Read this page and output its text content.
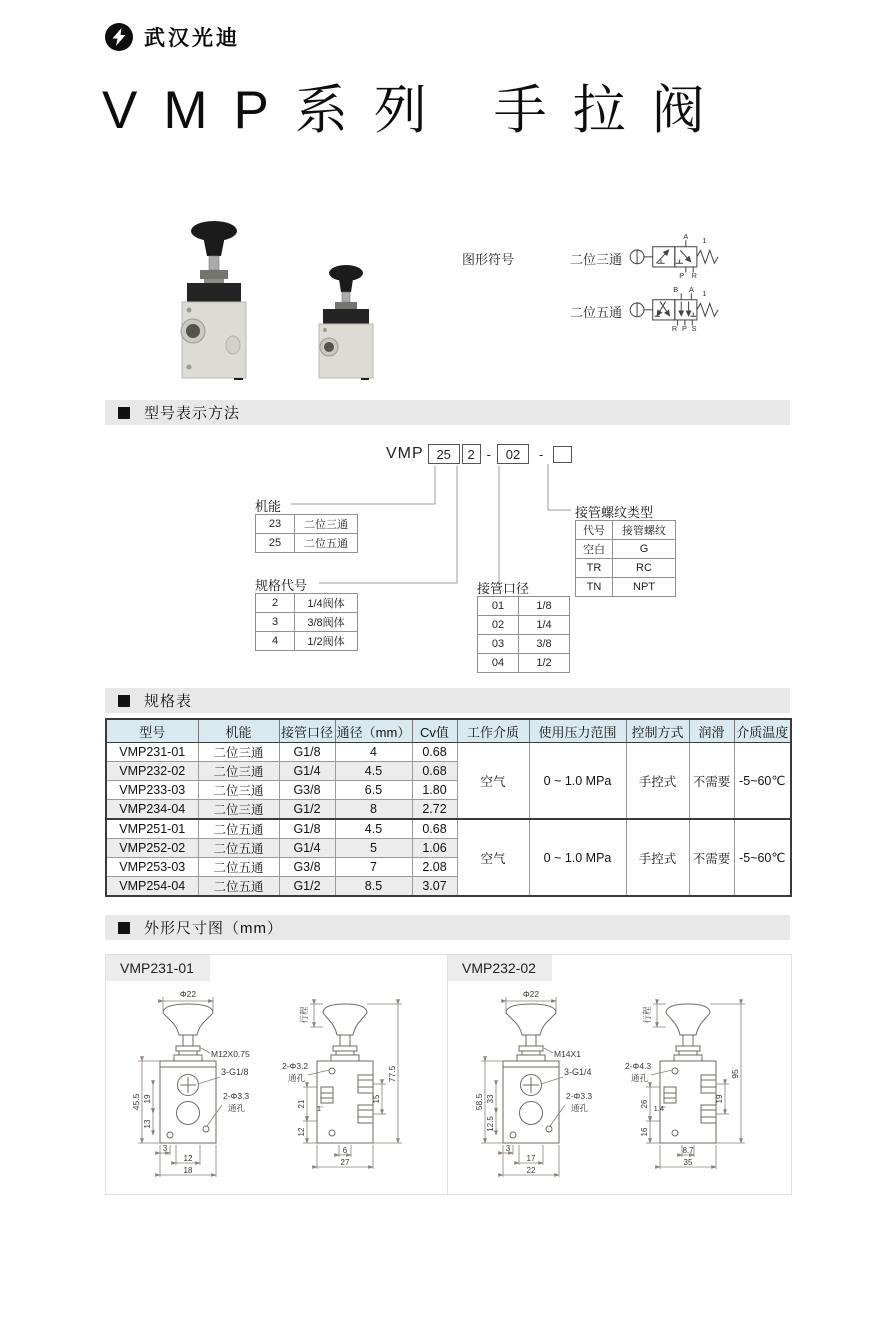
武汉光迪
VMP系列 手拉阀
图形符号	二位三通
A
P R
1
二位五通
B A
R P S
1
型号表示方法
VMP 25	2 -	02	-
机能
23	二位三通
25	二位五通
规格代号
2	1/4阀体
3	3/8阀体
4	1/2阀体
接管口径
01	1/8
02	1/4
03	3/8
04	1/2
接管螺纹类型
代号	接管螺纹
空白	G
TR	RC
TN	NPT
规格表
型号	机能	接管口径	通径（mm）	Cv值	工作介质	使用压力范围	控制方式	润滑	介质温度
VMP231-01	二位三通	G1/8	4	0.68	空气	0 ~ 1.0 MPa	手控式	不需要	-5~60℃
VMP232-02	二位三通	G1/4	4.5	0.68					
VMP233-03	二位三通	G3/8	6.5	1.80					
VMP234-04	二位三通	G1/2	8	2.72					
VMP251-01	二位五通	G1/8	4.5	0.68	空气	0 ~ 1.0 MPa	手控式	不需要	-5~60℃
VMP252-02	二位五通	G1/4	5	1.06					
VMP253-03	二位五通	G3/8	7	2.08					
VMP254-04	二位五通	G1/2	8.5	3.07					
外形尺寸图（mm）
VMP231-01
Φ22
M12X0.75
3-G1/8
2-Φ3.3
通孔
45.5 19
13
3
12
18
行程
2-Φ3.2
通孔
21
12
1
15
77.5
6
27
VMP232-02
Φ22
M14X1
3-G1/4
2-Φ3.3
通孔
58.5 33
12.5
3
17
22
行程
2-Φ4.3
通孔
26
16
1.4
19
95
8.7
35
